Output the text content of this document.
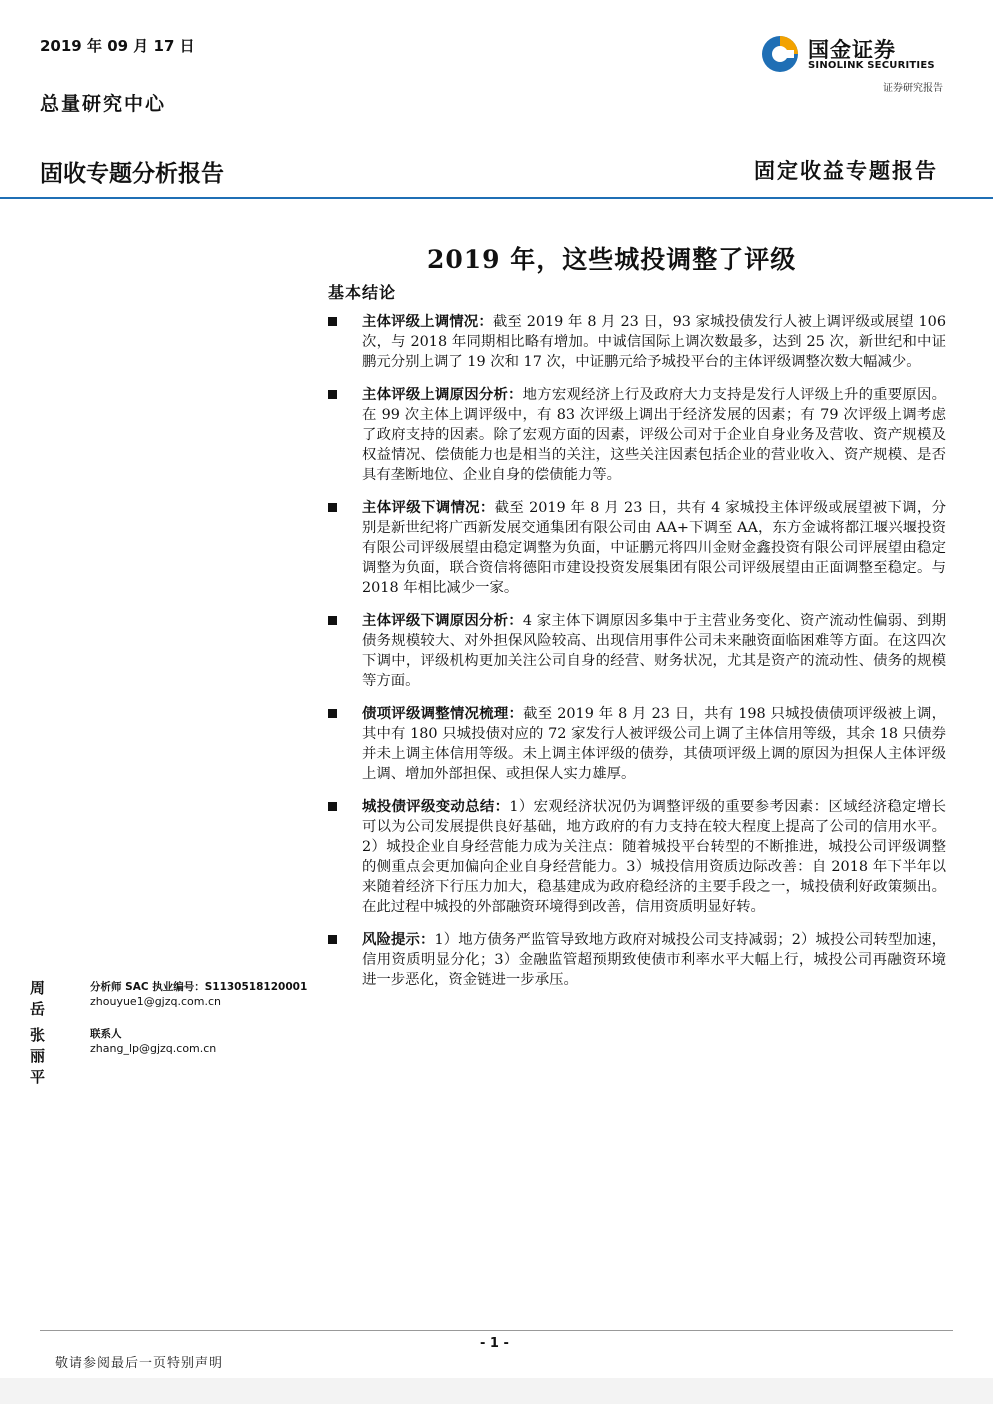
2019 年 09 月 17 日
总量研究中心
国金证券
SINOLINK SECURITIES
证券研究报告
固收专题分析报告	固定收益专题报告
2019 年，这些城投调整了评级
基本结论
主体评级上调情况：截至 2019 年 8 月 23 日，93 家城投债发行人被上调评级或展望 106 次，与 2018 年同期相比略有增加。中诚信国际上调次数最多，达到 25 次，新世纪和中证鹏元分别上调了 19 次和 17 次，中证鹏元给予城投平台的主体评级调整次数大幅减少。
主体评级上调原因分析：地方宏观经济上行及政府大力支持是发行人评级上升的重要原因。在 99 次主体上调评级中，有 83 次评级上调出于经济发展的因素；有 79 次评级上调考虑了政府支持的因素。除了宏观方面的因素，评级公司对于企业自身业务及营收、资产规模及权益情况、偿债能力也是相当的关注，这些关注因素包括企业的营业收入、资产规模、是否具有垄断地位、企业自身的偿债能力等。
主体评级下调情况：截至 2019 年 8 月 23 日，共有 4 家城投主体评级或展望被下调，分别是新世纪将广西新发展交通集团有限公司由 AA+下调至 AA，东方金诚将都江堰兴堰投资有限公司评级展望由稳定调整为负面，中证鹏元将四川金财金鑫投资有限公司评展望由稳定调整为负面，联合资信将德阳市建设投资发展集团有限公司评级展望由正面调整至稳定。与 2018 年相比减少一家。
主体评级下调原因分析：4 家主体下调原因多集中于主营业务变化、资产流动性偏弱、到期债务规模较大、对外担保风险较高、出现信用事件公司未来融资面临困难等方面。在这四次下调中，评级机构更加关注公司自身的经营、财务状况，尤其是资产的流动性、债务的规模等方面。
债项评级调整情况梳理：截至 2019 年 8 月 23 日，共有 198 只城投债债项评级被上调，其中有 180 只城投债对应的 72 家发行人被评级公司上调了主体信用等级，其余 18 只债券并未上调主体信用等级。未上调主体评级的债券，其债项评级上调的原因为担保人主体评级上调、增加外部担保、或担保人实力雄厚。
城投债评级变动总结：1）宏观经济状况仍为调整评级的重要参考因素：区域经济稳定增长可以为公司发展提供良好基础，地方政府的有力支持在较大程度上提高了公司的信用水平。2）城投企业自身经营能力成为关注点：随着城投平台转型的不断推进，城投公司评级调整的侧重点会更加偏向企业自身经营能力。3）城投信用资质边际改善：自 2018 年下半年以来随着经济下行压力加大，稳基建成为政府稳经济的主要手段之一，城投债利好政策频出。在此过程中城投的外部融资环境得到改善，信用资质明显好转。
风险提示：1）地方债务严监管导致地方政府对城投公司支持减弱；2）城投公司转型加速，信用资质明显分化；3）金融监管超预期致使债市利率水平大幅上行，城投公司再融资环境进一步恶化，资金链进一步承压。
周岳
分析师 SAC 执业编号：S1130518120001
zhouyue1@gjzq.com.cn
张丽平
联系人
zhang_lp@gjzq.com.cn
- 1 -
敬请参阅最后一页特别声明
